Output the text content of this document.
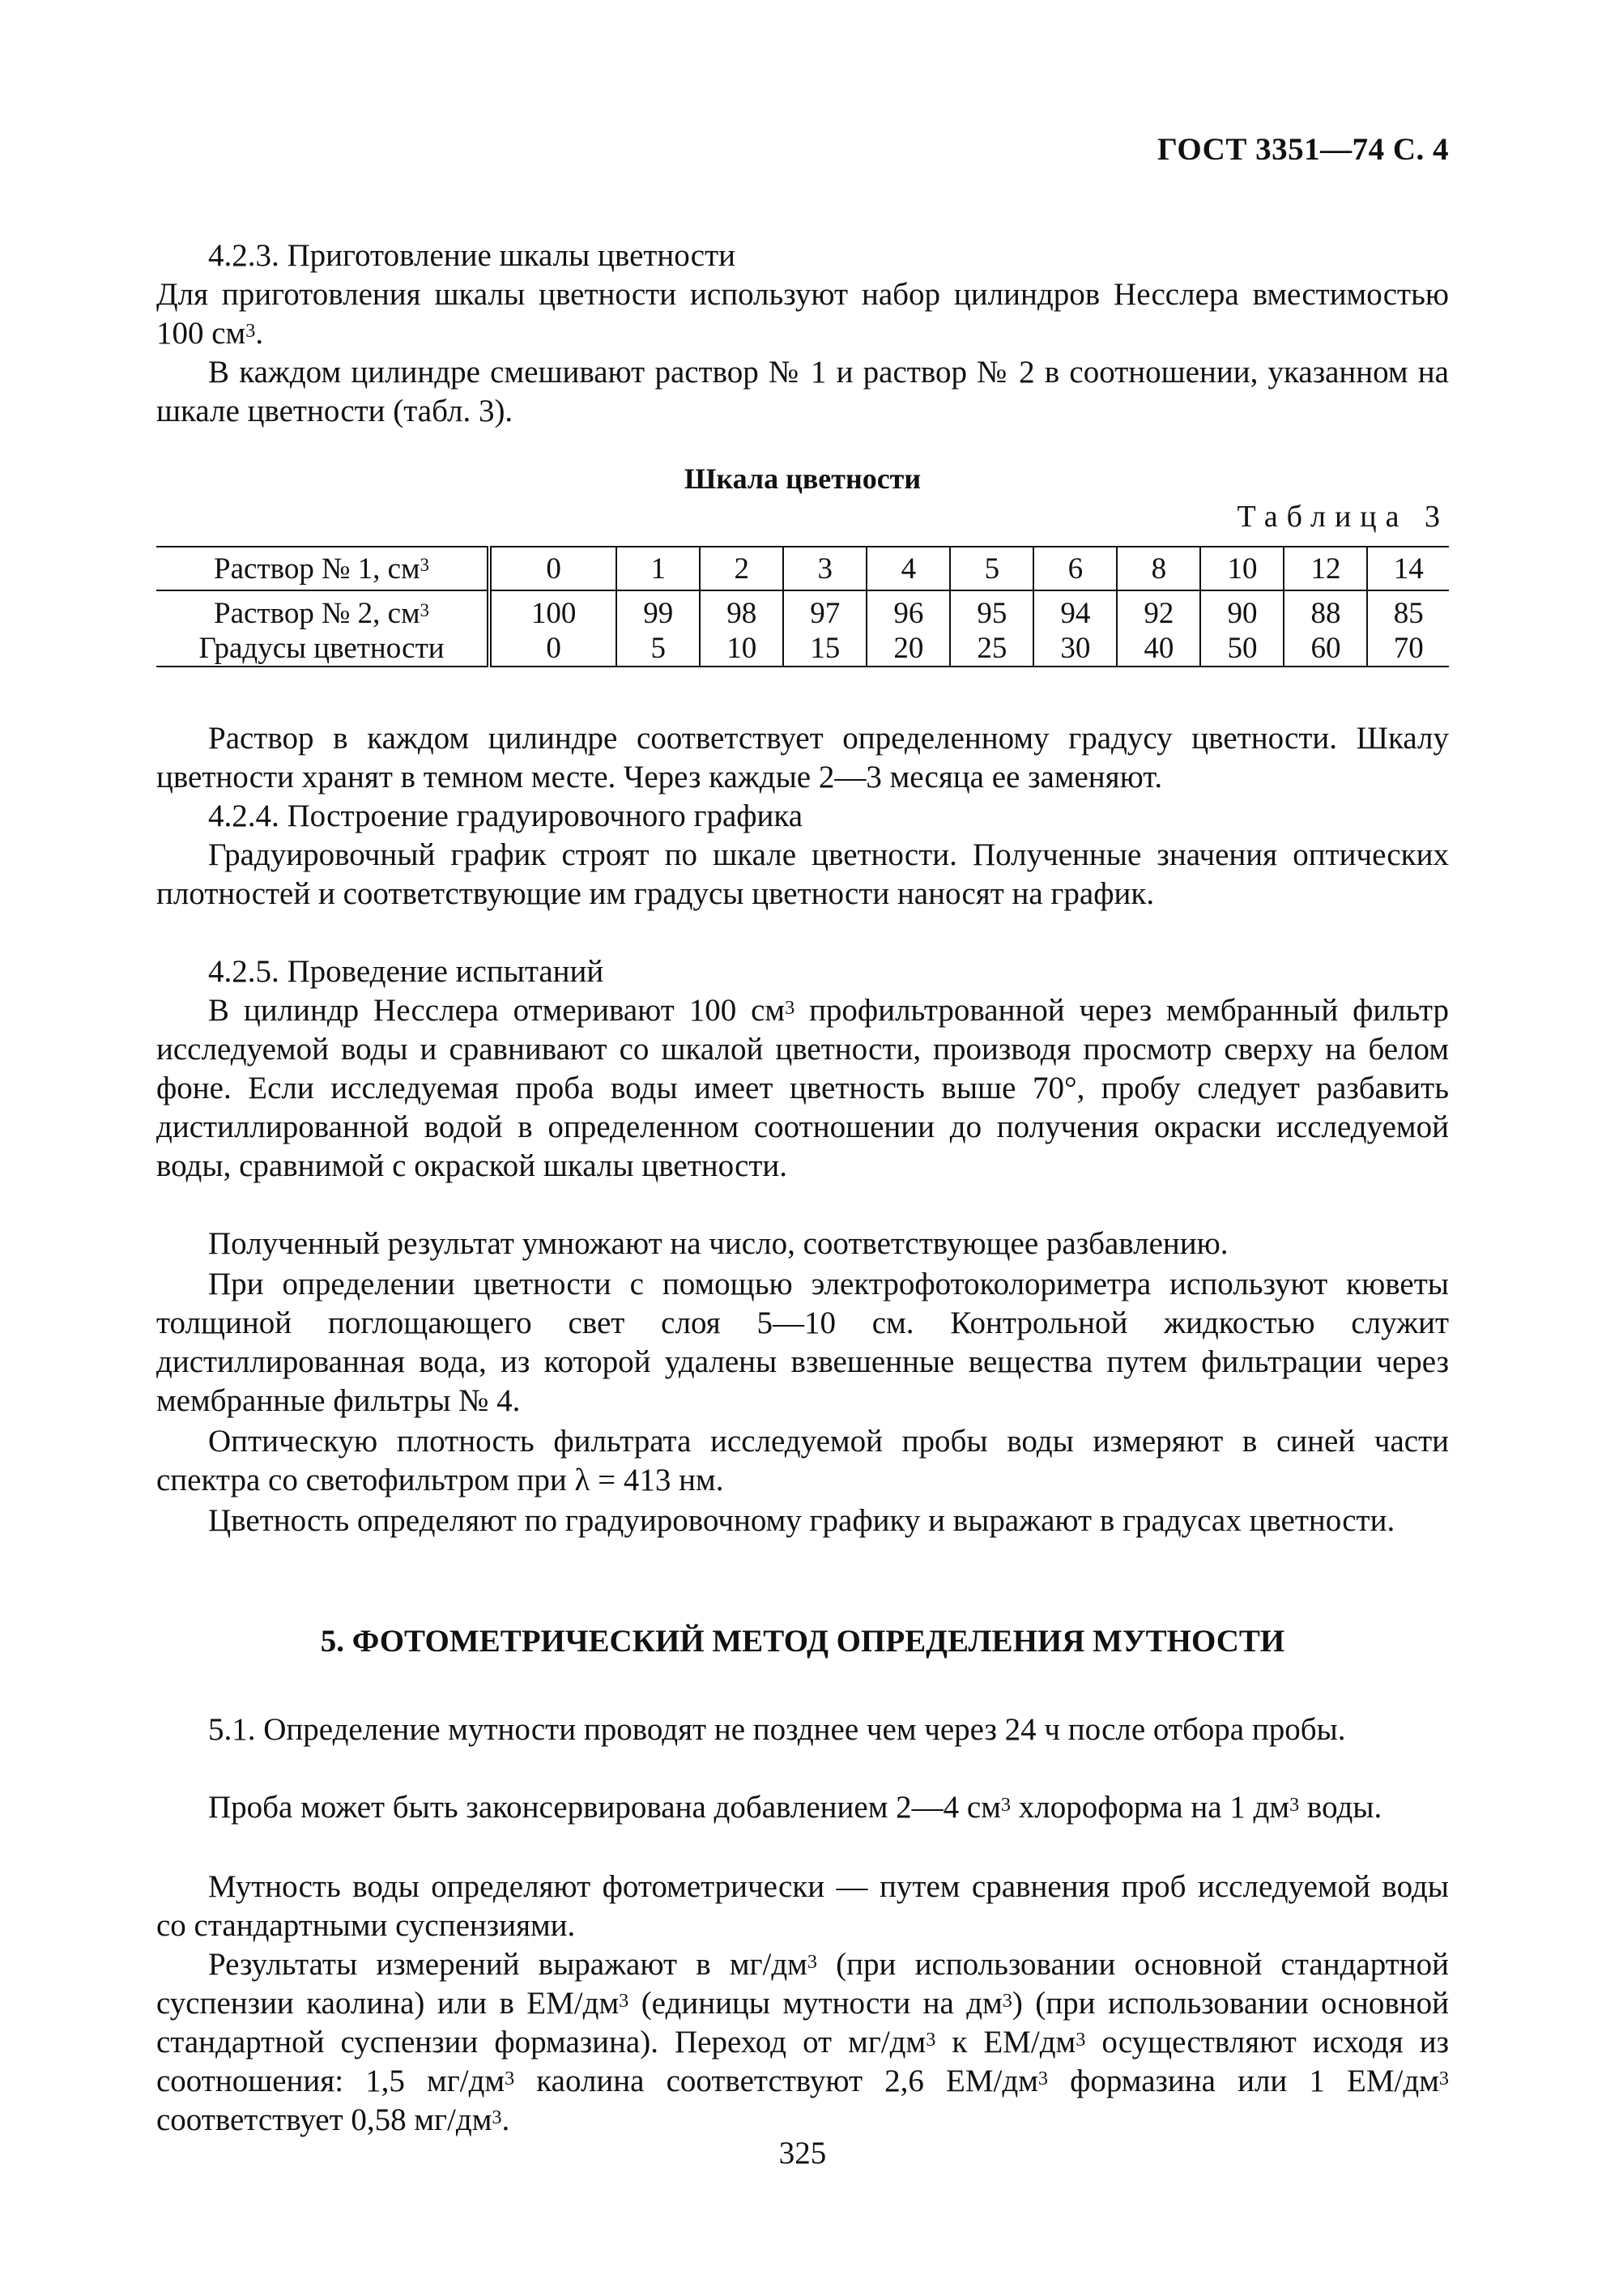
ГОСТ 3351—74 С. 4
4.2.3. Приготовление шкалы цветности
Для приготовления шкалы цветности используют набор цилиндров Несслера вместимостью 100 $см^3$.
В каждом цилиндре смешивают раствор № 1 и раствор № 2 в соотношении, указанном на шкале цветности (табл. 3).
Шкала цветности
Таблица 3
Раствор № 1, $см^3$	0	1	2	3	4	5	6	8	10	12	14
Раствор № 2, $см^3$	100	99	98	97	96	95	94	92	90	88	85
Градусы цветности	0	5	10	15	20	25	30	40	50	60	70
Раствор в каждом цилиндре соответствует определенному градусу цветности. Шкалу цветности хранят в темном месте. Через каждые 2—3 месяца ее заменяют.
4.2.4. Построение градуировочного графика
Градуировочный график строят по шкале цветности. Полученные значения оптических плотностей и соответствующие им градусы цветности наносят на график.
4.2.5. Проведение испытаний
В цилиндр Несслера отмеривают 100 $см^3$ профильтрованной через мембранный фильтр исследуемой воды и сравнивают со шкалой цветности, производя просмотр сверху на белом фоне. Если исследуемая проба воды имеет цветность выше 70°, пробу следует разбавить дистиллированной водой в определенном соотношении до получения окраски исследуемой воды, сравнимой с окраской шкалы цветности.
Полученный результат умножают на число, соответствующее разбавлению.
При определении цветности с помощью электрофотоколориметра используют кюветы толщиной поглощающего свет слоя 5—10 см. Контрольной жидкостью служит дистиллированная вода, из которой удалены взвешенные вещества путем фильтрации через мембранные фильтры № 4.
Оптическую плотность фильтрата исследуемой пробы воды измеряют в синей части спектра со светофильтром при λ = 413 нм.
Цветность определяют по градуировочному графику и выражают в градусах цветности.
5. ФОТОМЕТРИЧЕСКИЙ МЕТОД ОПРЕДЕЛЕНИЯ МУТНОСТИ
5.1. Определение мутности проводят не позднее чем через 24 ч после отбора пробы.
Проба может быть законсервирована добавлением 2—4 $см^3$ хлороформа на 1 $дм^3$ воды.
Мутность воды определяют фотометрически — путем сравнения проб исследуемой воды со стандартными суспензиями.
Результаты измерений выражают в $мг/дм^3$ (при использовании основной стандартной суспензии каолина) или в $ЕМ/дм^3$ (единицы мутности на $дм^3$) (при использовании основной стандартной суспензии формазина). Переход от $мг/дм^3$ к $ЕМ/дм^3$ осуществляют исходя из соотношения: 1,5 $мг/дм^3$ каолина соответствуют 2,6 $ЕМ/дм^3$ формазина или 1 $ЕМ/дм^3$ соответствует 0,58 $мг/дм^3$.
325
